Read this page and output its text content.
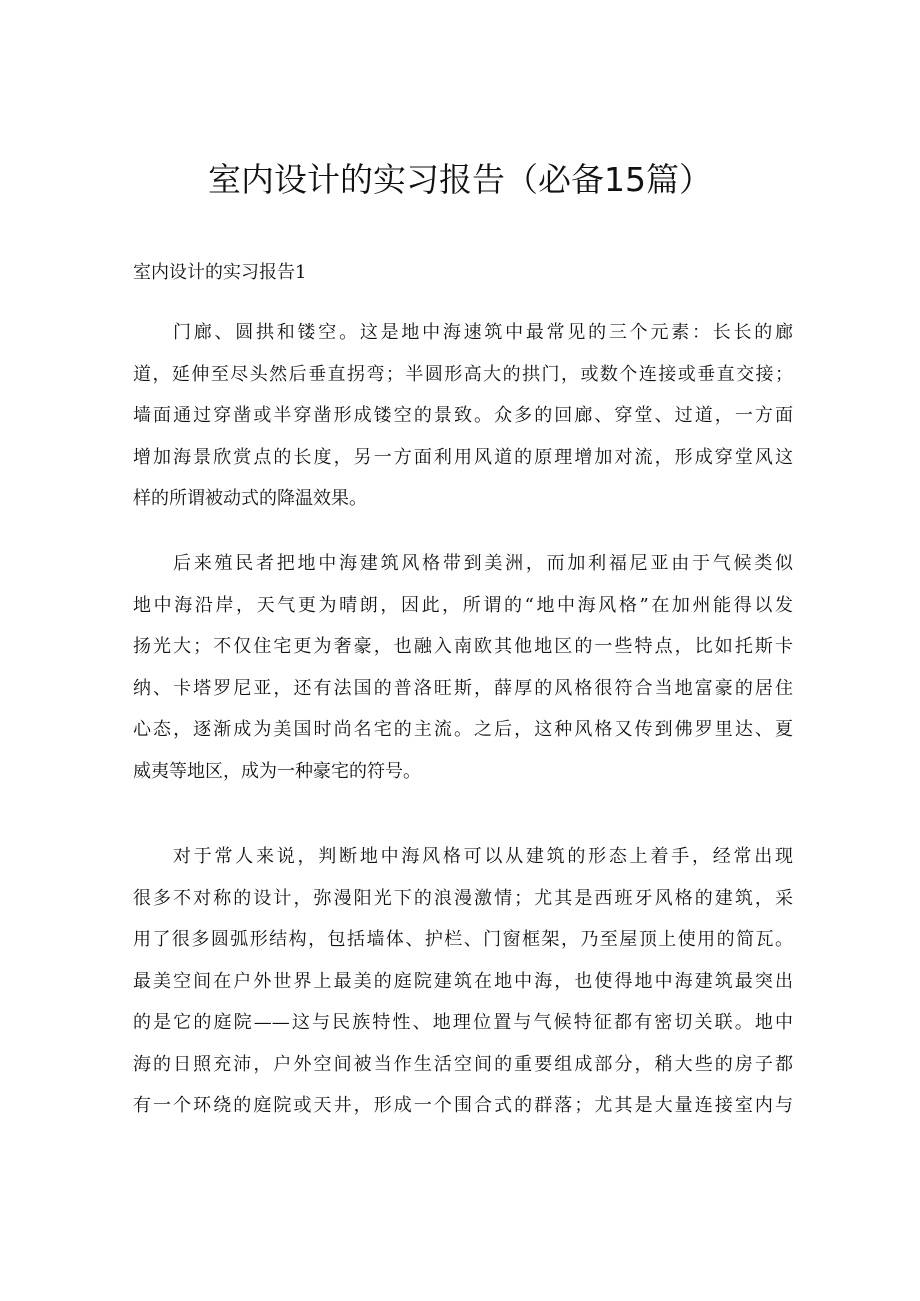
室内设计的实习报告（必备15篇）
室内设计的实习报告1

门廊、圆拱和镂空。这是地中海速筑中最常见的三个元素：长长的廊
道，延伸至尽头然后垂直拐弯；半圆形高大的拱门，或数个连接或垂直交接；
墙面通过穿凿或半穿凿形成镂空的景致。众多的回廊、穿堂、过道，一方面
增加海景欣赏点的长度，另一方面利用风道的原理增加对流，形成穿堂风这
样的所谓被动式的降温效果。

后来殖民者把地中海建筑风格带到美洲，而加利福尼亚由于气候类似
地中海沿岸，天气更为晴朗，因此，所谓的“地中海风格”在加州能得以发
扬光大；不仅住宅更为奢豪，也融入南欧其他地区的一些特点，比如托斯卡
纳、卡塔罗尼亚，还有法国的普洛旺斯，薛厚的风格很符合当地富豪的居住
心态，逐渐成为美国时尚名宅的主流。之后，这种风格又传到佛罗里达、夏
威夷等地区，成为一种豪宅的符号。

对于常人来说，判断地中海风格可以从建筑的形态上着手，经常出现
很多不对称的设计，弥漫阳光下的浪漫激情；尤其是西班牙风格的建筑，采
用了很多圆弧形结构，包括墙体、护栏、门窗框架，乃至屋顶上使用的简瓦。
最美空间在户外世界上最美的庭院建筑在地中海，也使得地中海建筑最突出
的是它的庭院——这与民族特性、地理位置与气候特征都有密切关联。地中
海的日照充沛，户外空间被当作生活空间的重要组成部分，稍大些的房子都
有一个环绕的庭院或天井，形成一个围合式的群落；尤其是大量连接室内与
